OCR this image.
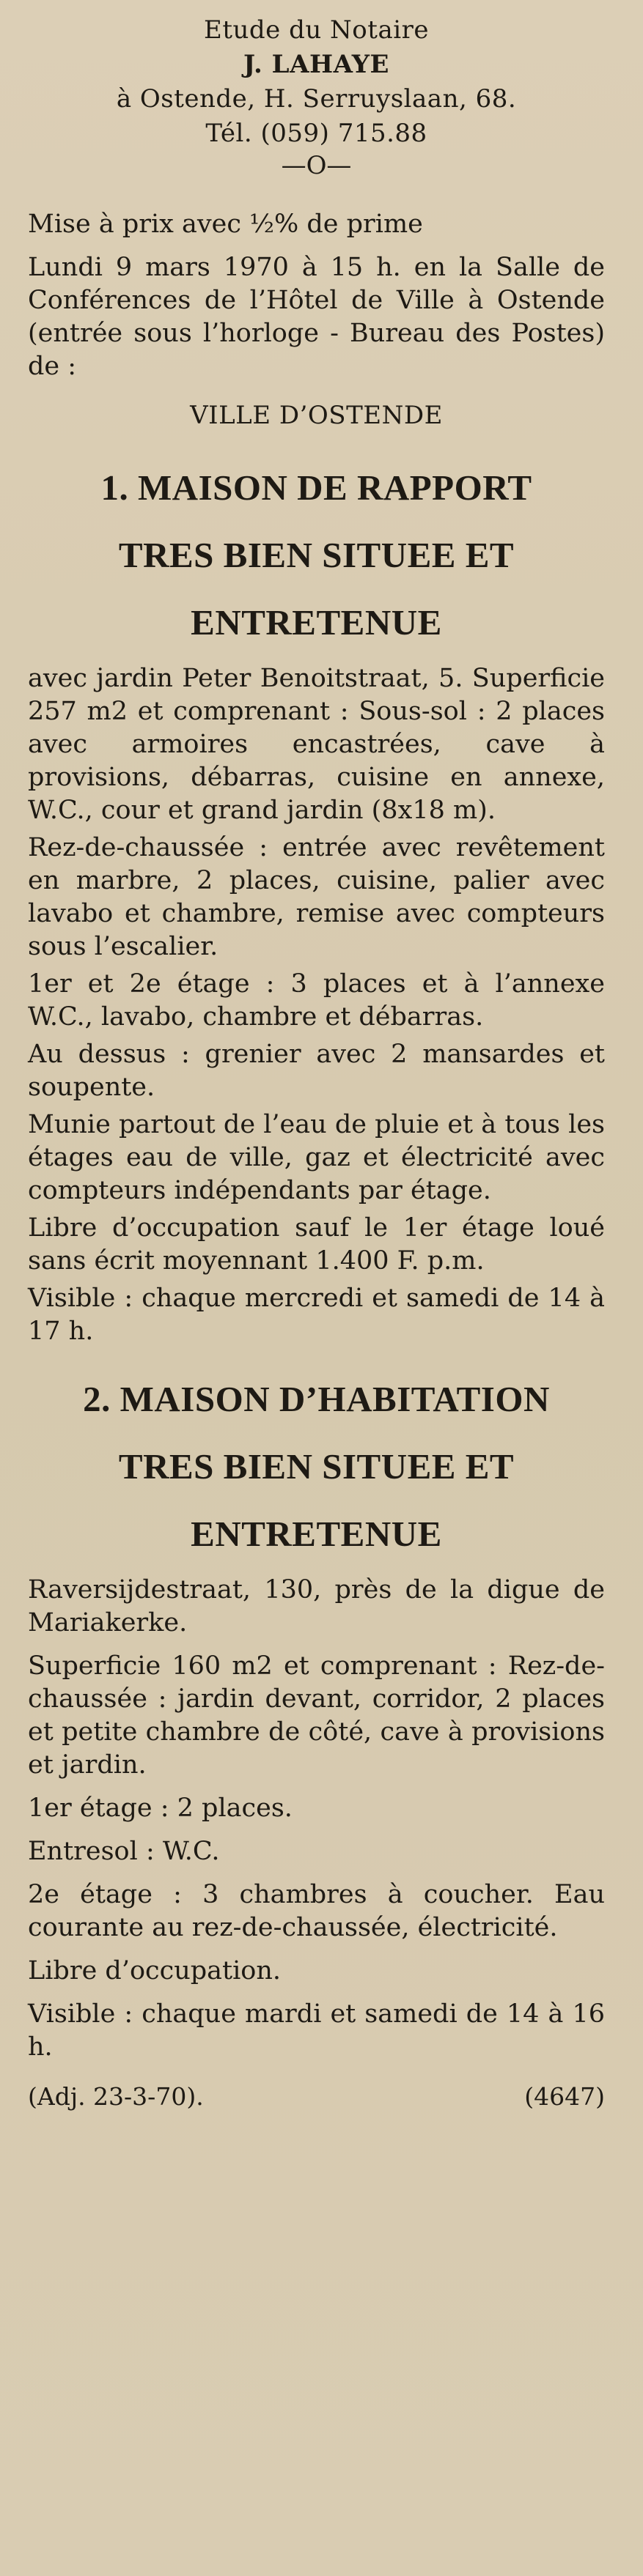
Etude du Notaire
J. LAHAYE
à Ostende, H. Serruyslaan, 68.
Tél. (059) 715.88
—O—
Mise à prix avec ½% de prime
Lundi 9 mars 1970 à 15 h. en la Salle de Conférences de l’Hôtel de Ville à Ostende (entrée sous l’horloge - Bureau des Postes) de :
VILLE D’OSTENDE
1. MAISON DE RAPPORT
TRES BIEN SITUEE ET
ENTRETENUE
avec jardin Peter Benoitstraat, 5. Superficie 257 m2 et comprenant : Sous-sol : 2 places avec armoires encastrées, cave à provisions, débarras, cuisine en annexe, W.C., cour et grand jardin (8x18 m).
Rez-de-chaussée : entrée avec revêtement en marbre, 2 places, cuisine, palier avec lavabo et chambre, remise avec compteurs sous l’escalier.
1er et 2e étage : 3 places et à l’annexe W.C., lavabo, chambre et débarras.
Au dessus : grenier avec 2 mansardes et soupente.
Munie partout de l’eau de pluie et à tous les étages eau de ville, gaz et électricité avec compteurs indépendants par étage.
Libre d’occupation sauf le 1er étage loué sans écrit moyennant 1.400 F. p.m.
Visible : chaque mercredi et samedi de 14 à 17 h.
2. MAISON D’HABITATION
TRES BIEN SITUEE ET
ENTRETENUE
Raversijdestraat, 130, près de la digue de Mariakerke.
Superficie 160 m2 et comprenant : Rez-de-chaussée : jardin devant, corridor, 2 places et petite chambre de côté, cave à provisions et jardin.
1er étage : 2 places.
Entresol : W.C.
2e étage : 3 chambres à coucher. Eau courante au rez-de-chaussée, électricité.
Libre d’occupation.
Visible : chaque mardi et samedi de 14 à 16 h.
(Adj. 23-3-70).	(4647)
